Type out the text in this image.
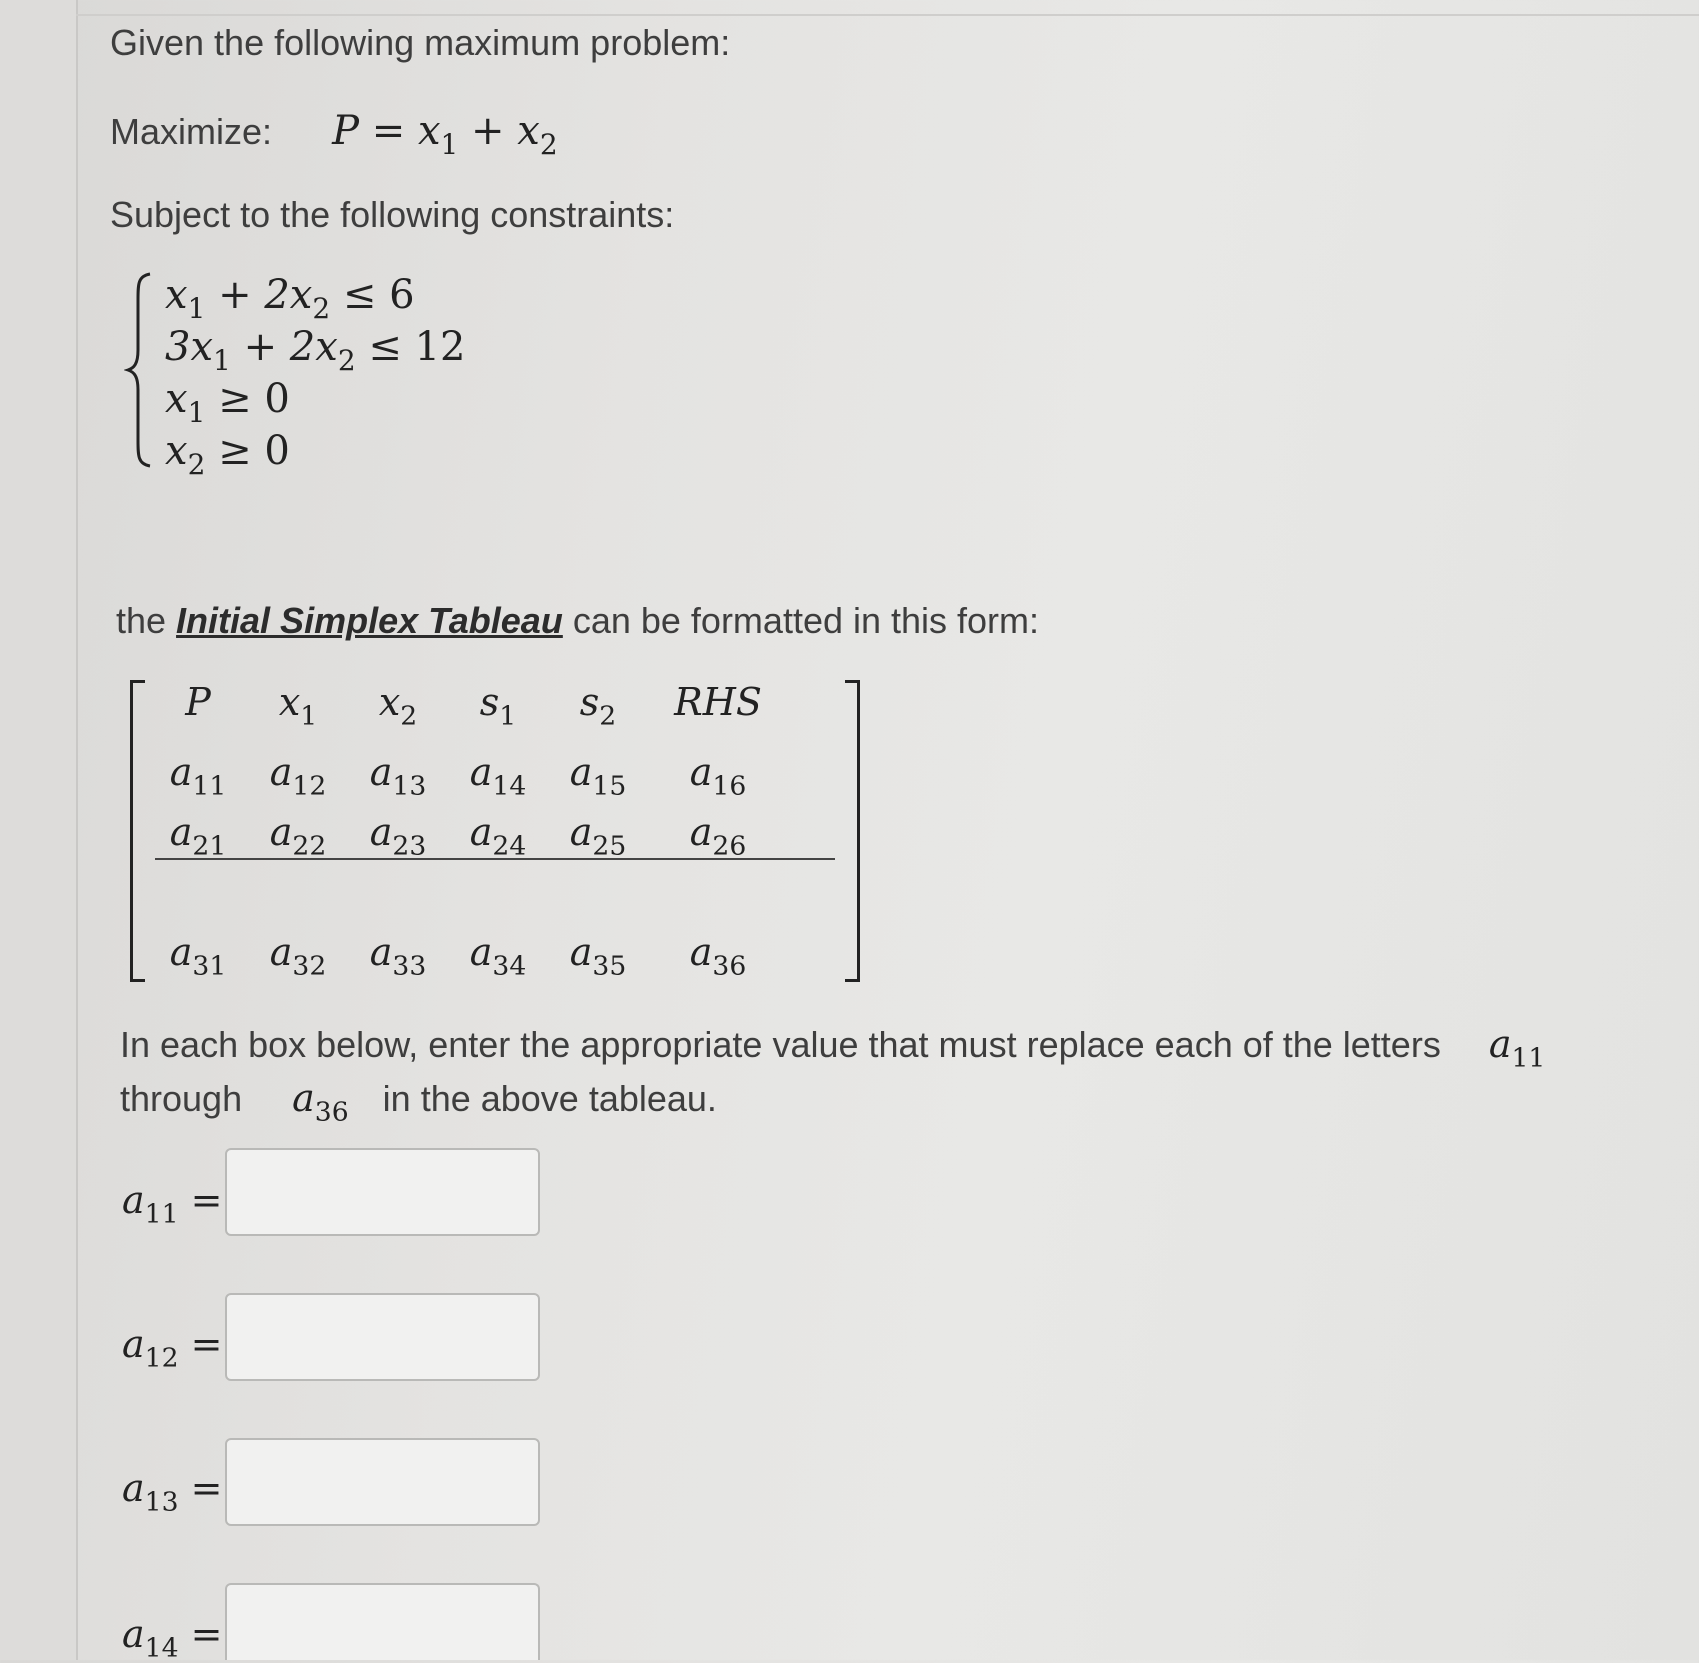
Given the following maximum problem:
Maximize: $P = x_1 + x_2$
Subject to the following constraints:
$x_1 + 2x_2 \le 6$
$3x_1 + 2x_2 \le 12$
$x_1 \ge 0$
$x_2 \ge 0$
the Initial Simplex Tableau can be formatted in this form:
P	$x_1$	$x_2$	$s_1$	$s_2$	RHS
$a_{11}$	$a_{12}$	$a_{13}$	$a_{14}$	$a_{15}$	$a_{16}$
$a_{21}$	$a_{22}$	$a_{23}$	$a_{24}$	$a_{25}$	$a_{26}$
$a_{31}$	$a_{32}$	$a_{33}$	$a_{34}$	$a_{35}$	$a_{36}$
In each box below, enter the appropriate value that must replace each of the letters $a_{11}$
through $a_{36}$ in the above tableau.
$a_{11}$ =
$a_{12}$ =
$a_{13}$ =
$a_{14}$ =
